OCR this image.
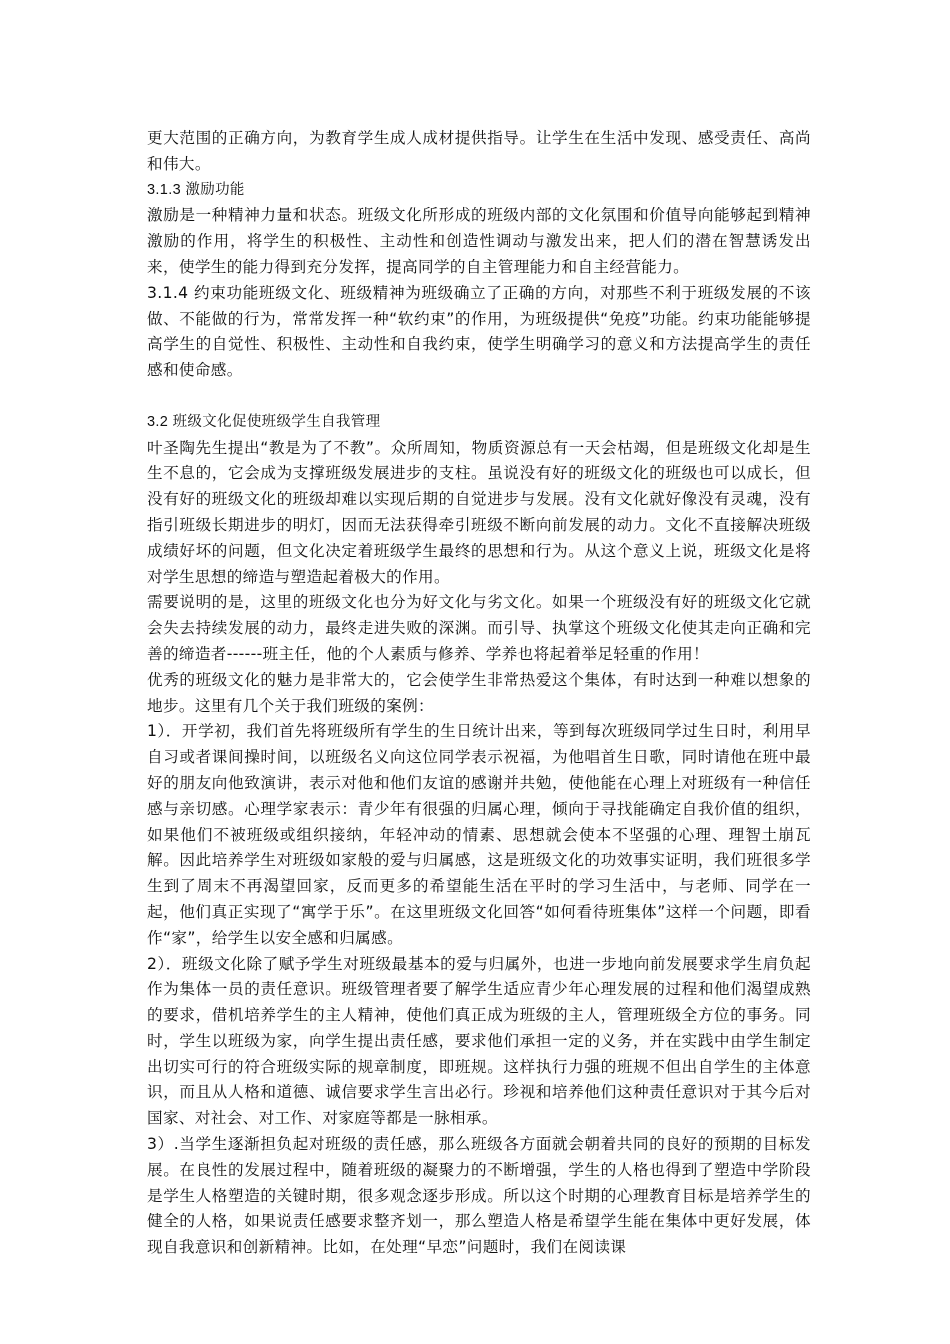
更大范围的正确方向，为教育学生成人成材提供指导。让学生在生活中发现、感受责任、高尚和伟大。

3.1.3 激励功能

激励是一种精神力量和状态。班级文化所形成的班级内部的文化氛围和价值导向能够起到精神激励的作用，将学生的积极性、主动性和创造性调动与激发出来，把人们的潜在智慧诱发出来，使学生的能力得到充分发挥，提高同学的自主管理能力和自主经营能力。

3.1.4 约束功能班级文化、班级精神为班级确立了正确的方向，对那些不利于班级发展的不该做、不能做的行为，常常发挥一种“软约束”的作用，为班级提供“免疫”功能。约束功能能够提高学生的自觉性、积极性、主动性和自我约束，使学生明确学习的意义和方法提高学生的责任感和使命感。

3.2 班级文化促使班级学生自我管理

叶圣陶先生提出“教是为了不教”。众所周知，物质资源总有一天会枯竭，但是班级文化却是生生不息的，它会成为支撑班级发展进步的支柱。虽说没有好的班级文化的班级也可以成长，但没有好的班级文化的班级却难以实现后期的自觉进步与发展。没有文化就好像没有灵魂，没有指引班级长期进步的明灯，因而无法获得牵引班级不断向前发展的动力。文化不直接解决班级成绩好坏的问题，但文化决定着班级学生最终的思想和行为。从这个意义上说，班级文化是将对学生思想的缔造与塑造起着极大的作用。

需要说明的是，这里的班级文化也分为好文化与劣文化。如果一个班级没有好的班级文化它就会失去持续发展的动力，最终走进失败的深渊。而引导、执掌这个班级文化使其走向正确和完善的缔造者------班主任，他的个人素质与修养、学养也将起着举足轻重的作用！

优秀的班级文化的魅力是非常大的，它会使学生非常热爱这个集体，有时达到一种难以想象的地步。这里有几个关于我们班级的案例：

1）．开学初，我们首先将班级所有学生的生日统计出来，等到每次班级同学过生日时，利用早自习或者课间操时间，以班级名义向这位同学表示祝福，为他唱首生日歌，同时请他在班中最好的朋友向他致演讲，表示对他和他们友谊的感谢并共勉，使他能在心理上对班级有一种信任感与亲切感。心理学家表示：青少年有很强的归属心理，倾向于寻找能确定自我价值的组织，如果他们不被班级或组织接纳，年轻冲动的情素、思想就会使本不坚强的心理、理智土崩瓦解。因此培养学生对班级如家般的爱与归属感，这是班级文化的功效事实证明，我们班很多学生到了周末不再渴望回家，反而更多的希望能生活在平时的学习生活中，与老师、同学在一起，他们真正实现了“寓学于乐”。在这里班级文化回答“如何看待班集体”这样一个问题，即看作“家”，给学生以安全感和归属感。

2）．班级文化除了赋予学生对班级最基本的爱与归属外，也进一步地向前发展要求学生肩负起作为集体一员的责任意识。班级管理者要了解学生适应青少年心理发展的过程和他们渴望成熟的要求，借机培养学生的主人精神，使他们真正成为班级的主人，管理班级全方位的事务。同时，学生以班级为家，向学生提出责任感，要求他们承担一定的义务，并在实践中由学生制定出切实可行的符合班级实际的规章制度，即班规。这样执行力强的班规不但出自学生的主体意识，而且从人格和道德、诚信要求学生言出必行。珍视和培养他们这种责任意识对于其今后对国家、对社会、对工作、对家庭等都是一脉相承。

3）.当学生逐渐担负起对班级的责任感，那么班级各方面就会朝着共同的良好的预期的目标发展。在良性的发展过程中，随着班级的凝聚力的不断增强，学生的人格也得到了塑造中学阶段是学生人格塑造的关键时期，很多观念逐步形成。所以这个时期的心理教育目标是培养学生的健全的人格，如果说责任感要求整齐划一，那么塑造人格是希望学生能在集体中更好发展，体现自我意识和创新精神。比如，在处理“早恋”问题时，我们在阅读课
